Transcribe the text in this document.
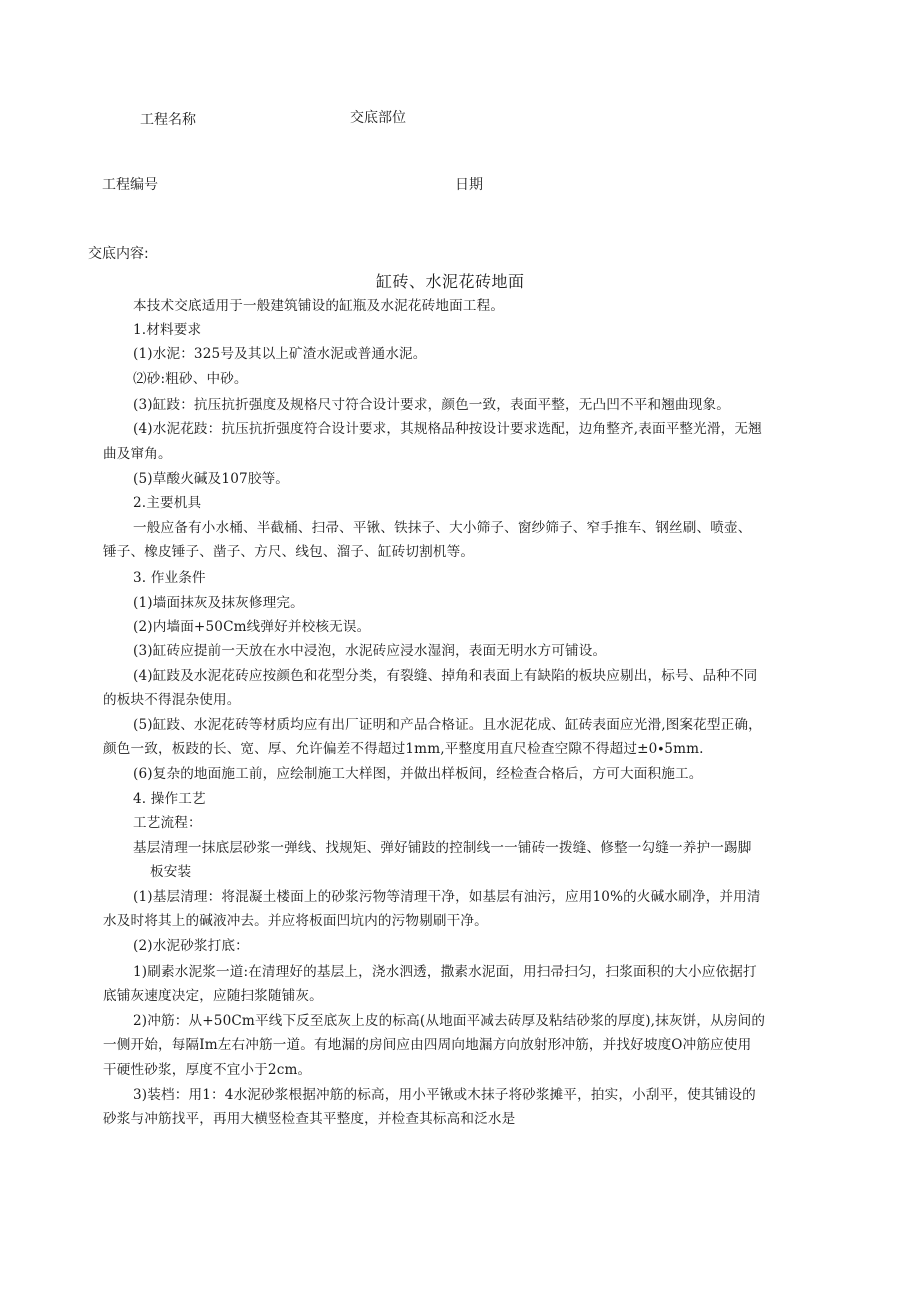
工程名称	交底部位
工程编号	日期
交底内容:
缸砖、水泥花砖地面
本技术交底适用于一般建筑铺设的缸瓶及水泥花砖地面工程。
1.材料要求
(1)水泥：325号及其以上矿渣水泥或普通水泥。
⑵砂:粗砂、中砂。
(3)缸跂：抗压抗折强度及规格尺寸符合设计要求，颜色一致，表面平整，无凸凹不平和翘曲现象。
(4)水泥花跂：抗压抗折强度符合设计要求，其规格品种按设计要求选配，边角整齐,表面平整光滑，无翘
曲及窜角。
(5)草酸火碱及107胶等。
2.主要机具
一般应备有小水桶、半截桶、扫帚、平锹、铁抹子、大小筛子、窗纱筛子、窄手推车、钢丝刷、喷壶、
锤子、橡皮锤子、凿子、方尺、线包、溜子、缸砖切割机等。
3. 作业条件
(1)墙面抹灰及抹灰修理完。
(2)内墙面+50Cm线弹好并校核无误。
(3)缸砖应提前一天放在水中浸泡，水泥砖应浸水湿润，表面无明水方可铺设。
(4)缸跂及水泥花砖应按颜色和花型分类，有裂缝、掉角和表面上有缺陷的板块应剔出，标号、品种不同
的板块不得混杂使用。
(5)缸跂、水泥花砖等材质均应有出厂证明和产品合格证。且水泥花成、缸砖表面应光滑,图案花型正确，
颜色一致，板跂的长、宽、厚、允许偏差不得超过1mm,平整度用直尺检查空隙不得超过±0∙5mm.
(6)复杂的地面施工前，应绘制施工大样图，并做出样板间，经检查合格后，方可大面积施工。
4. 操作工艺
工艺流程：
基层清理一抹底层砂浆一弹线、找规矩、弹好铺跂的控制线一一铺砖一拨缝、修整一勾缝一养护一踢脚
板安装
(1)基层清理：将混凝土楼面上的砂浆污物等清理干净，如基层有油污，应用10%的火碱水刷净，并用清
水及时将其上的碱液冲去。并应将板面凹坑内的污物剔刷干净。
(2)水泥砂浆打底：
1)刷素水泥浆一道:在清理好的基层上，浇水泗透，撒素水泥面，用扫帚扫匀，扫浆面积的大小应依据打
底铺灰速度决定，应随扫浆随铺灰。
2)冲筋：从+50Cm平线下反至底灰上皮的标高(从地面平减去砖厚及粘结砂浆的厚度),抹灰饼，从房间的
一侧开始，每隔Im左右冲筋一道。有地漏的房间应由四周向地漏方向放射形冲筋，并找好坡度O冲筋应使用
干硬性砂浆，厚度不宜小于2cm。
3)装档：用1：4水泥砂浆根据冲筋的标高，用小平锹或木抹子将砂浆摊平，拍实，小刮平，使其铺设的
砂浆与冲筋找平，再用大横竖检查其平整度，并检查其标高和泛水是
